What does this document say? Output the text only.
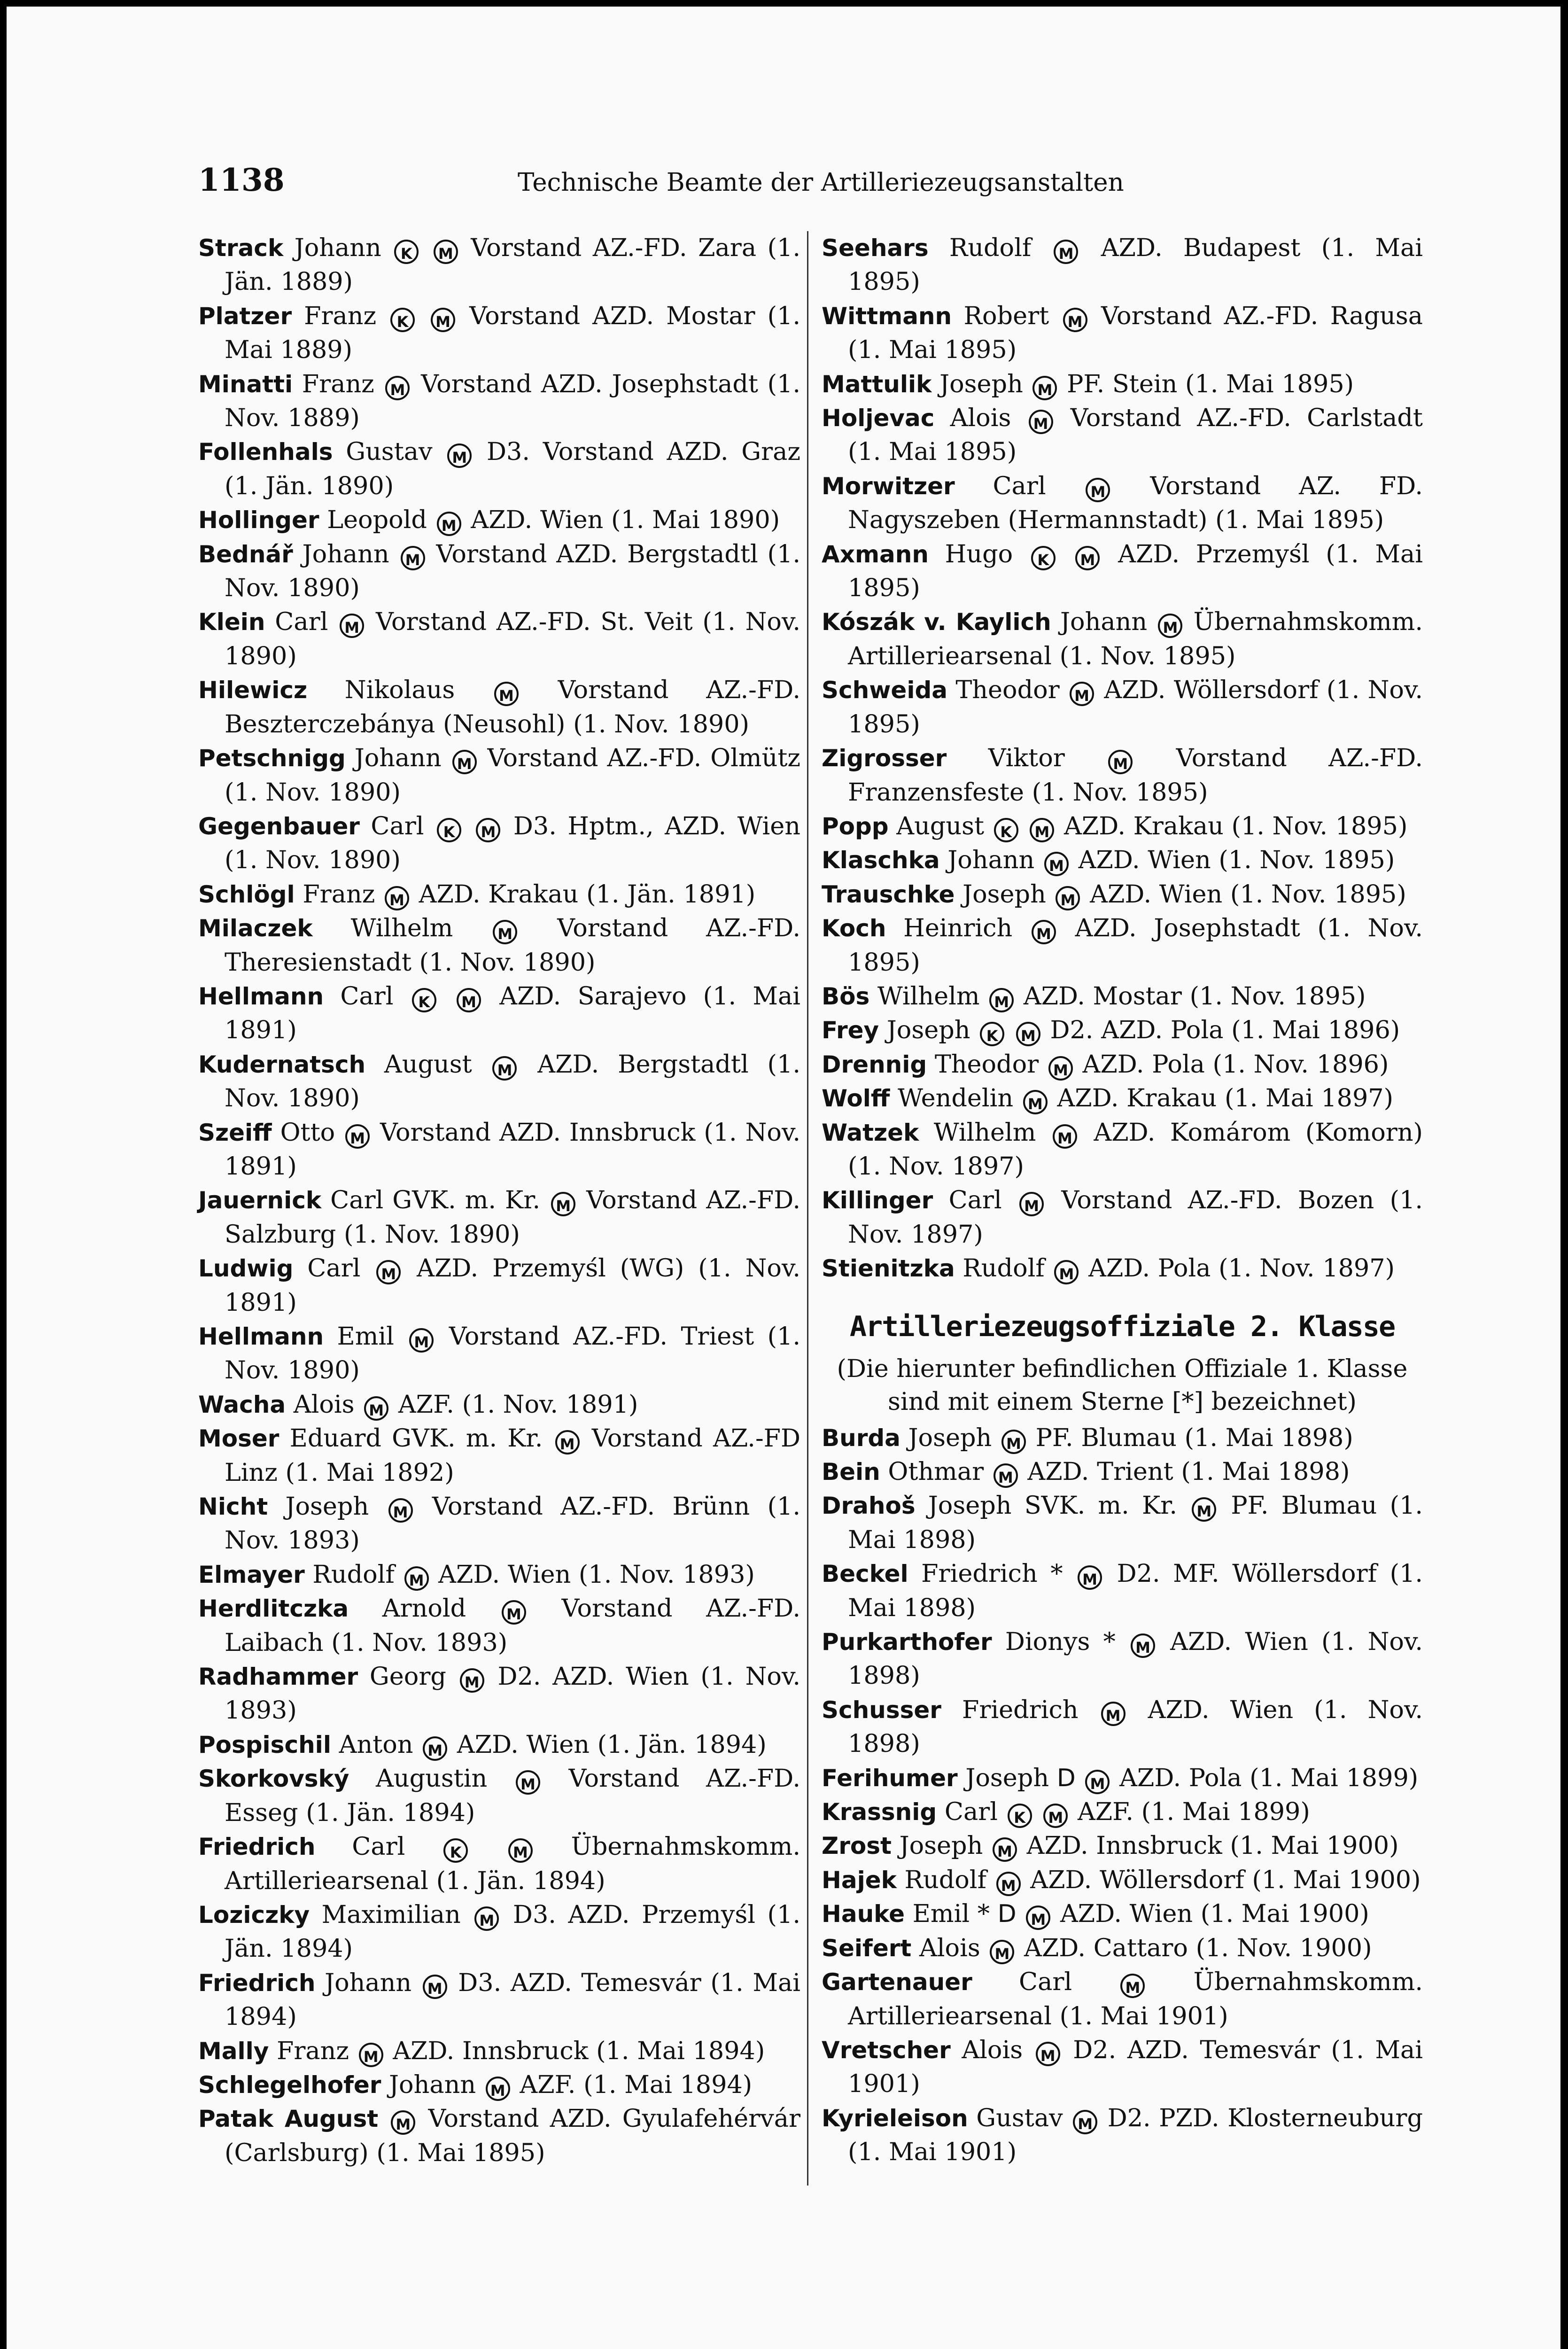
1138	Technische Beamte der Artilleriezeugsanstalten

Strack Johann K M Vorstand AZ.-FD. Zara (1. Jän. 1889)

Platzer Franz K M Vorstand AZD. Mostar (1. Mai 1889)

Minatti Franz M Vorstand AZD. Josephstadt (1. Nov. 1889)

Follenhals Gustav M D3. Vorstand AZD. Graz (1. Jän. 1890)

Hollinger Leopold M AZD. Wien (1. Mai 1890)

Bednář Johann M Vorstand AZD. Bergstadtl (1. Nov. 1890)

Klein Carl M Vorstand AZ.-FD. St. Veit (1. Nov. 1890)

Hilewicz Nikolaus M Vorstand AZ.-FD. Beszterczebánya (Neusohl) (1. Nov. 1890)

Petschnigg Johann M Vorstand AZ.-FD. Olmütz (1. Nov. 1890)

Gegenbauer Carl K M D3. Hptm., AZD. Wien (1. Nov. 1890)

Schlögl Franz M AZD. Krakau (1. Jän. 1891)

Milaczek Wilhelm M Vorstand AZ.-FD. Theresienstadt (1. Nov. 1890)

Hellmann Carl K M AZD. Sarajevo (1. Mai 1891)

Kudernatsch August M AZD. Bergstadtl (1. Nov. 1890)

Szeiff Otto M Vorstand AZD. Innsbruck (1. Nov. 1891)

Jauernick Carl GVK. m. Kr. M Vorstand AZ.-FD. Salzburg (1. Nov. 1890)

Ludwig Carl M AZD. Przemyśl (WG) (1. Nov. 1891)

Hellmann Emil M Vorstand AZ.-FD. Triest (1. Nov. 1890)

Wacha Alois M AZF. (1. Nov. 1891)

Moser Eduard GVK. m. Kr. M Vorstand AZ.-FD Linz (1. Mai 1892)

Nicht Joseph M Vorstand AZ.-FD. Brünn (1. Nov. 1893)

Elmayer Rudolf M AZD. Wien (1. Nov. 1893)

Herdlitczka Arnold M Vorstand AZ.-FD. Laibach (1. Nov. 1893)

Radhammer Georg M D2. AZD. Wien (1. Nov. 1893)

Pospischil Anton M AZD. Wien (1. Jän. 1894)

Skorkovský Augustin M Vorstand AZ.-FD. Esseg (1. Jän. 1894)

Friedrich Carl K	M Übernahmskomm. Artilleriearsenal (1. Jän. 1894)

Loziczky Maximilian M D3. AZD. Przemyśl (1. Jän. 1894)

Friedrich Johann M D3. AZD. Temesvár (1. Mai 1894)

Mally Franz M AZD. Innsbruck (1. Mai 1894)

Schlegelhofer Johann M AZF. (1. Mai 1894)

Patak August M Vorstand AZD. Gyulafehérvár (Carlsburg) (1. Mai 1895)

Seehars Rudolf M AZD. Budapest (1. Mai 1895)

Wittmann Robert M Vorstand AZ.-FD. Ragusa (1. Mai 1895)

Mattulik Joseph M PF. Stein (1. Mai 1895)

Holjevac Alois M Vorstand AZ.-FD. Carlstadt (1. Mai 1895)

Morwitzer Carl M Vorstand AZ. FD. Nagyszeben (Hermannstadt) (1. Mai 1895)

Axmann Hugo K M AZD. Przemyśl (1. Mai 1895)

Kószák v. Kaylich Johann M Übernahmskomm. Artilleriearsenal (1. Nov. 1895)

Schweida Theodor M AZD. Wöllersdorf (1. Nov. 1895)

Zigrosser Viktor M Vorstand AZ.-FD. Franzensfeste (1. Nov. 1895)

Popp August K M AZD. Krakau (1. Nov. 1895)

Klaschka Johann M AZD. Wien (1. Nov. 1895)

Trauschke Joseph M AZD. Wien (1. Nov. 1895)

Koch Heinrich M AZD. Josephstadt (1. Nov. 1895)

Bös Wilhelm M AZD. Mostar (1. Nov. 1895)

Frey Joseph K M D2. AZD. Pola (1. Mai 1896)

Drennig Theodor M AZD. Pola (1. Nov. 1896)

Wolff Wendelin M AZD. Krakau (1. Mai 1897)

Watzek Wilhelm M AZD. Komárom (Komorn) (1. Nov. 1897)

Killinger Carl M Vorstand AZ.-FD. Bozen (1. Nov. 1897)

Stienitzka Rudolf M AZD. Pola (1. Nov. 1897)

Artilleriezeugsoffiziale 2. Klasse
(Die hierunter befindlichen Offiziale 1. Klasse sind mit einem Sterne [*] bezeichnet)

Burda Joseph M PF. Blumau (1. Mai 1898)

Bein Othmar M AZD. Trient (1. Mai 1898)

Drahoš Joseph SVK. m. Kr. M PF. Blumau (1. Mai 1898)

Beckel Friedrich * M D2. MF. Wöllersdorf (1. Mai 1898)

Purkarthofer Dionys * M AZD. Wien (1. Nov. 1898)

Schusser Friedrich M AZD. Wien (1. Nov. 1898)

Ferihumer Joseph D M AZD. Pola (1. Mai 1899)

Krassnig Carl K M AZF. (1. Mai 1899)

Zrost Joseph M AZD. Innsbruck (1. Mai 1900)

Hajek Rudolf M AZD. Wöllersdorf (1. Mai 1900)

Hauke Emil * D M AZD. Wien (1. Mai 1900)

Seifert Alois M AZD. Cattaro (1. Nov. 1900)

Gartenauer Carl M Übernahmskomm. Artilleriearsenal (1. Mai 1901)

Vretscher Alois M D2. AZD. Temesvár (1. Mai 1901)

Kyrieleison Gustav M D2. PZD. Klosterneuburg (1. Mai 1901)
